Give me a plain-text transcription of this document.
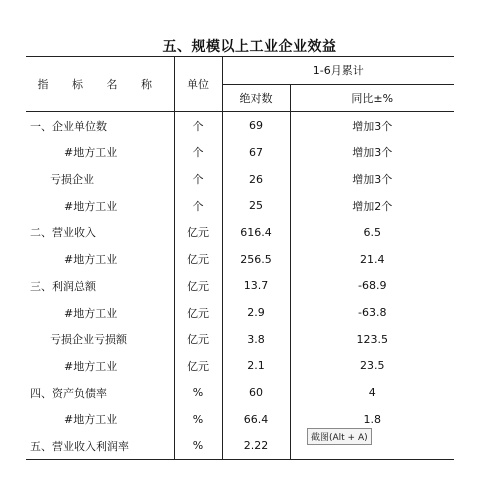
五、规模以上工业企业效益
指 标 名 称	单位	1-6月累计	
		绝对数	同比±%
一、企业单位数	个	69	增加3个
#地方工业	个	67	增加3个
亏损企业	个	26	增加3个
#地方工业	个	25	增加2个
二、营业收入	亿元	616.4	6.5
#地方工业	亿元	256.5	21.4
三、利润总额	亿元	13.7	-68.9
#地方工业	亿元	2.9	-63.8
亏损企业亏损额	亿元	3.8	123.5
#地方工业	亿元	2.1	23.5
四、资产负债率	%	60	4
#地方工业	%	66.4	1.8
五、营业收入利润率	%	2.22	
截图(Alt + A)
